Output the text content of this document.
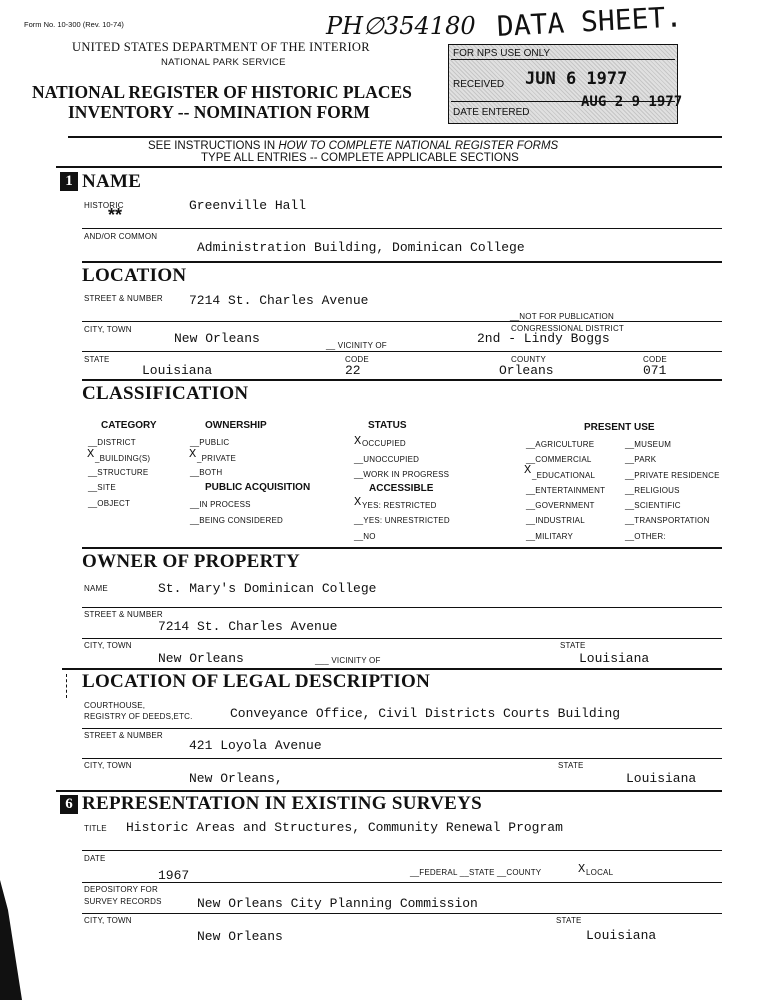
Form No. 10-300 (Rev. 10-74)	PH∅354180 DATA SHEET.
UNITED STATES DEPARTMENT OF THE INTERIOR
NATIONAL PARK SERVICE
NATIONAL REGISTER OF HISTORIC PLACES
INVENTORY -- NOMINATION FORM
FOR NPS USE ONLY
RECEIVED JUN 6 1977
DATE ENTERED
AUG 2 9 1977
SEE INSTRUCTIONS IN HOW TO COMPLETE NATIONAL REGISTER FORMS
TYPE ALL ENTRIES -- COMPLETE APPLICABLE SECTIONS
1 NAME
HISTORIC
**	Greenville Hall
AND/OR COMMON
Administration Building, Dominican College
LOCATION
STREET & NUMBER 7214 St. Charles Avenue
__NOT FOR PUBLICATION
CITY, TOWN
New Orleans	__ VICINITY OF
CONGRESSIONAL DISTRICT
2nd - Lindy Boggs
STATE
Louisiana
CODE
22
COUNTY
Orleans
CODE
071
CLASSIFICATION
CATEGORY
__DISTRICT
X _BUILDING(S)
__STRUCTURE
__SITE
__OBJECT
OWNERSHIP
__PUBLIC
X _PRIVATE
__BOTH
PUBLIC ACQUISITION
__IN PROCESS
__BEING CONSIDERED
STATUS
X OCCUPIED
__UNOCCUPIED
__WORK IN PROGRESS
ACCESSIBLE
X YES: RESTRICTED
__YES: UNRESTRICTED
__NO
PRESENT USE
__AGRICULTURE
__COMMERCIAL
X _EDUCATIONAL
__ENTERTAINMENT
__GOVERNMENT
__INDUSTRIAL
__MILITARY
__MUSEUM
__PARK
__PRIVATE RESIDENCE
__RELIGIOUS
__SCIENTIFIC
__TRANSPORTATION
__OTHER:
OWNER OF PROPERTY
NAME	St. Mary's Dominican College
STREET & NUMBER
7214 St. Charles Avenue
CITY, TOWN
New Orleans	___ VICINITY OF
STATE
Louisiana
LOCATION OF LEGAL DESCRIPTION
COURTHOUSE,
REGISTRY OF DEEDS,ETC.	Conveyance Office, Civil Districts Courts Building
STREET & NUMBER
421 Loyola Avenue
CITY, TOWN
New Orleans,
STATE
Louisiana
6 REPRESENTATION IN EXISTING SURVEYS
TITLE Historic Areas and Structures, Community Renewal Program
DATE
1967	__FEDERAL __STATE __COUNTY	X LOCAL
DEPOSITORY FOR
SURVEY RECORDS	New Orleans City Planning Commission
CITY, TOWN
New Orleans
STATE
Louisiana
